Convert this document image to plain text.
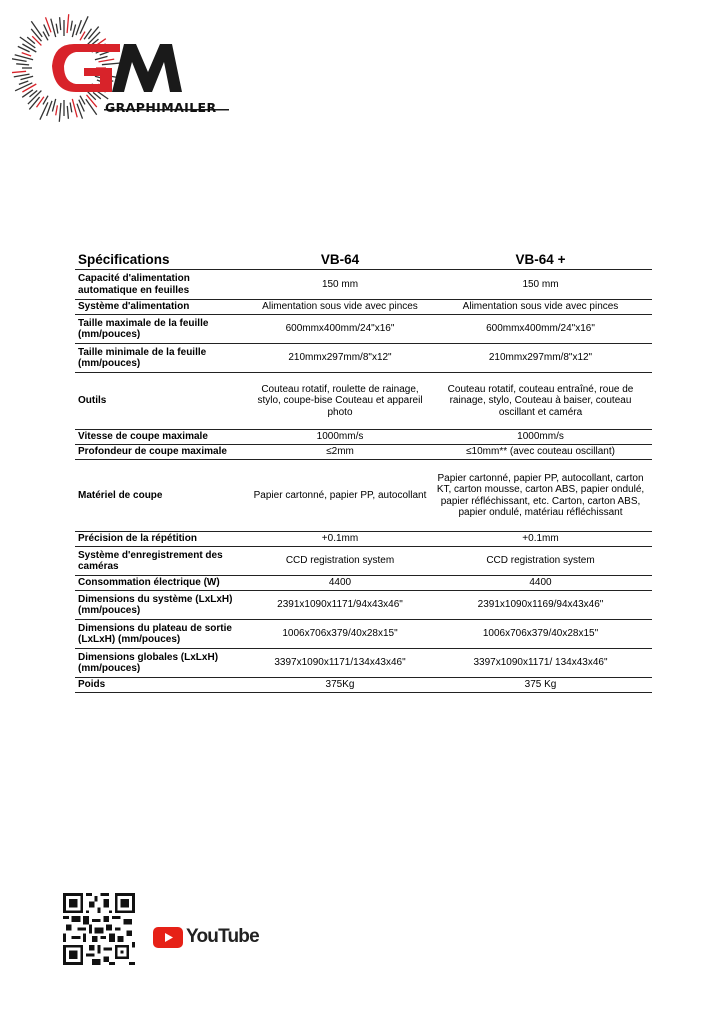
GRAPHIMAILER
Spécifications	VB-64	VB-64 +
Capacité d'alimentation automatique en feuilles	150 mm	150 mm
Système d'alimentation	Alimentation sous vide avec pinces	Alimentation sous vide avec pinces
Taille maximale de la feuille (mm/pouces)	600mmx400mm/24"x16"	600mmx400mm/24"x16"
Taille minimale de la feuille (mm/pouces)	210mmx297mm/8"x12"	210mmx297mm/8"x12"
Outils	Couteau rotatif, roulette de rainage, stylo, coupe-bise Couteau et appareil photo	Couteau rotatif, couteau entraîné, roue de rainage, stylo, Couteau à baiser, couteau oscillant et caméra
Vitesse de coupe maximale	1000mm/s	1000mm/s
Profondeur de coupe maximale	≤2mm	≤10mm** (avec couteau oscillant)
Matériel de coupe	Papier cartonné, papier PP, autocollant	Papier cartonné, papier PP, autocollant, carton KT, carton mousse, carton ABS, papier ondulé, papier réfléchissant, etc. Carton, carton ABS, papier ondulé, matériau réfléchissant
Précision de la répétition	+0.1mm	+0.1mm
Système d'enregistrement des caméras	CCD registration system	CCD registration system
Consommation électrique (W)	4400	4400
Dimensions du système (LxLxH) (mm/pouces)	2391x1090x1171/94x43x46"	2391x1090x1169/94x43x46"
Dimensions du plateau de sortie (LxLxH) (mm/pouces)	1006x706x379/40x28x15"	1006x706x379/40x28x15"
Dimensions globales (LxLxH) (mm/pouces)	3397x1090x1171/134x43x46"	3397x1090x1171/ 134x43x46"
Poids	375Kg	375 Kg
YouTube
